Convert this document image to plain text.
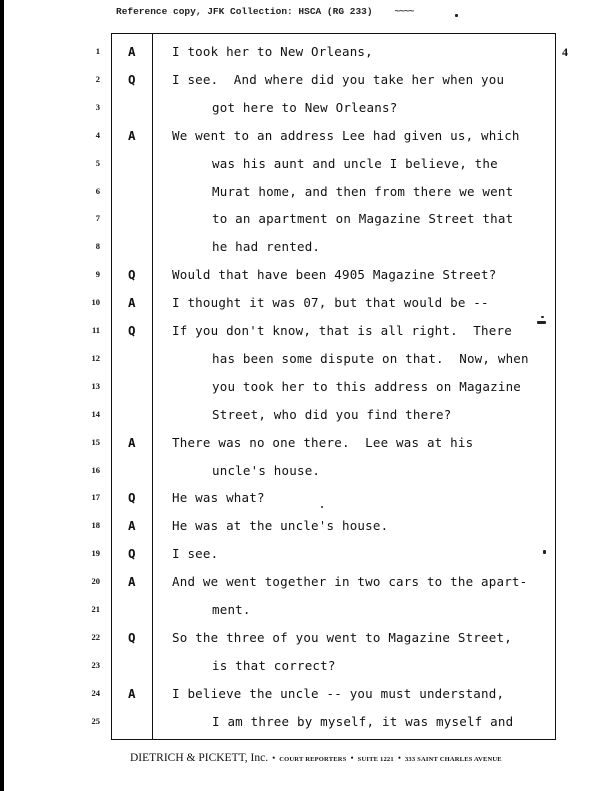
Reference copy, JFK Collection: HSCA (RG 233) ~~~~
4
1 A	I took her to New Orleans,
2 Q	I see.  And where did you take her when you
3	got here to New Orleans?
4 A	We went to an address Lee had given us, which
5	was his aunt and uncle I believe, the
6	Murat home, and then from there we went
7	to an apartment on Magazine Street that
8	he had rented.
9 Q	Would that have been 4905 Magazine Street?
10 A	I thought it was 07, but that would be --
11 Q	If you don't know, that is all right.  There
12	has been some dispute on that.  Now, when
13	you took her to this address on Magazine
14	Street, who did you find there?
15 A	There was no one there.  Lee was at his
16	uncle's house.
17 Q	He was what?
18 A	He was at the uncle's house.
19 Q	I see.
20 A	And we went together in two cars to the apart-
21	ment.
22 Q	So the three of you went to Magazine Street,
23	is that correct?
24 A	I believe the uncle -- you must understand,
25	I am three by myself, it was myself and
DIETRICH & PICKETT, Inc. • COURT REPORTERS • SUITE 1221 • 333 SAINT CHARLES AVENUE
